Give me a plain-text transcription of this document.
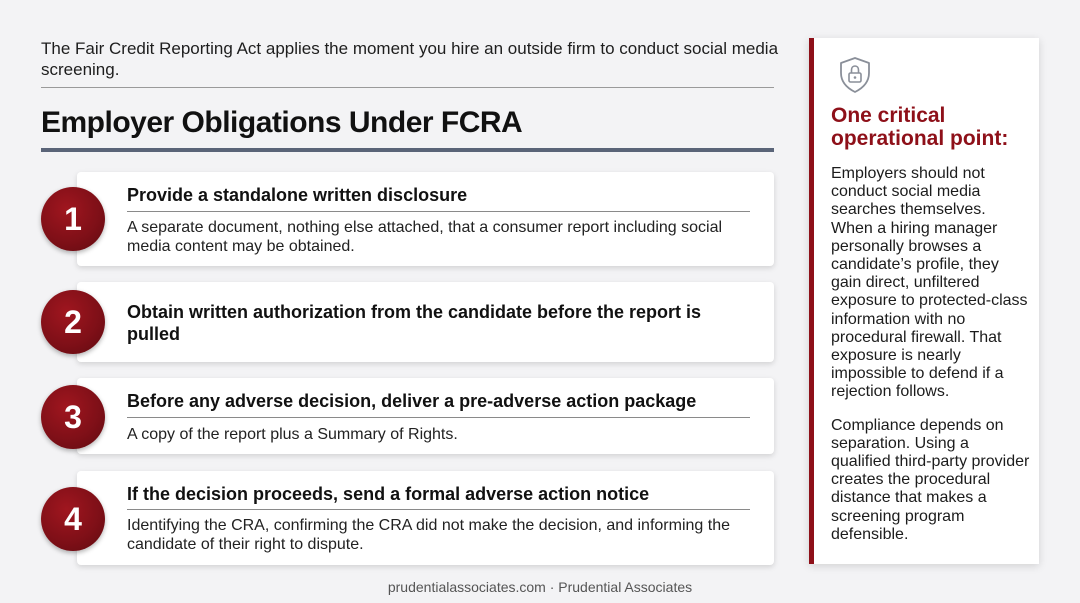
The Fair Credit Reporting Act applies the moment you hire an outside firm to conduct social media screening.
Employer Obligations Under FCRA
Provide a standalone written disclosure
A separate document, nothing else attached, that a consumer report including social media content may be obtained.
1
Obtain written authorization from the candidate before the report is pulled
2
Before any adverse decision, deliver a pre-adverse action package
A copy of the report plus a Summary of Rights.
3
If the decision proceeds, send a formal adverse action notice
Identifying the CRA, confirming the CRA did not make the decision, and informing the candidate of their right to dispute.
4
One critical operational point:

Employers should not conduct social media searches themselves. When a hiring manager personally browses a candidate’s profile, they gain direct, unfiltered exposure to protected-class information with no procedural firewall. That exposure is nearly impossible to defend if a rejection follows.

Compliance depends on separation. Using a qualified third-party provider creates the procedural distance that makes a screening program defensible.

prudentialassociates.com · Prudential Associates
